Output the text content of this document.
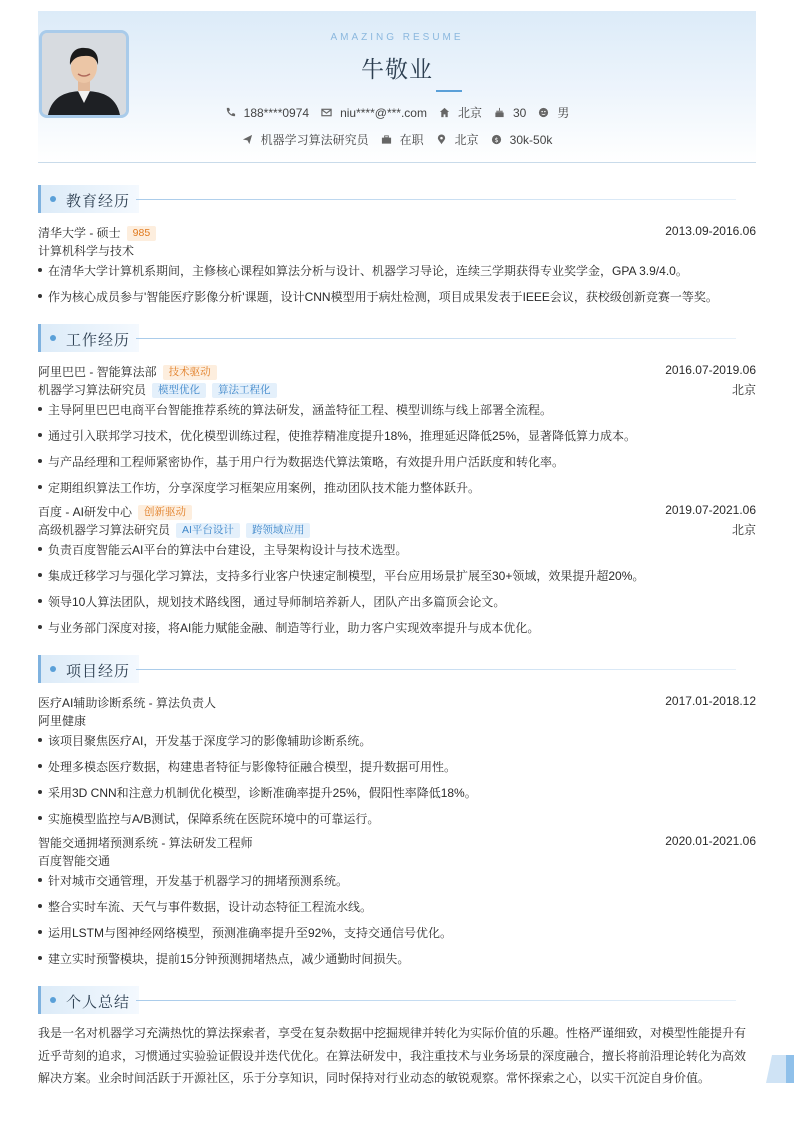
AMAZING RESUME
牛敬业
188****0974	niu****@***.com	北京	30	男
机器学习算法研究员	在职	北京 $ 30k-50k
教育经历
清华大学 - 硕士 985	2013.09-2016.06
计算机科学与技术
在清华大学计算机系期间，主修核心课程如算法分析与设计、机器学习导论，连续三学期获得专业奖学金，GPA 3.9/4.0。
作为核心成员参与'智能医疗影像分析'课题，设计CNN模型用于病灶检测，项目成果发表于IEEE会议，获校级创新竞赛一等奖。
工作经历
阿里巴巴 - 智能算法部 技术驱动	2016.07-2019.06
机器学习算法研究员 模型优化 算法工程化	北京
主导阿里巴巴电商平台智能推荐系统的算法研发，涵盖特征工程、模型训练与线上部署全流程。
通过引入联邦学习技术，优化模型训练过程，使推荐精准度提升18%，推理延迟降低25%，显著降低算力成本。
与产品经理和工程师紧密协作，基于用户行为数据迭代算法策略，有效提升用户活跃度和转化率。
定期组织算法工作坊，分享深度学习框架应用案例，推动团队技术能力整体跃升。
百度 - AI研发中心 创新驱动	2019.07-2021.06
高级机器学习算法研究员 AI平台设计 跨领域应用	北京
负责百度智能云AI平台的算法中台建设，主导架构设计与技术选型。
集成迁移学习与强化学习算法，支持多行业客户快速定制模型，平台应用场景扩展至30+领域，效果提升超20%。
领导10人算法团队，规划技术路线图，通过导师制培养新人，团队产出多篇顶会论文。
与业务部门深度对接，将AI能力赋能金融、制造等行业，助力客户实现效率提升与成本优化。
项目经历
医疗AI辅助诊断系统 - 算法负责人	2017.01-2018.12
阿里健康
该项目聚焦医疗AI，开发基于深度学习的影像辅助诊断系统。
处理多模态医疗数据，构建患者特征与影像特征融合模型，提升数据可用性。
采用3D CNN和注意力机制优化模型，诊断准确率提升25%，假阳性率降低18%。
实施模型监控与A/B测试，保障系统在医院环境中的可靠运行。
智能交通拥堵预测系统 - 算法研发工程师	2020.01-2021.06
百度智能交通
针对城市交通管理，开发基于机器学习的拥堵预测系统。
整合实时车流、天气与事件数据，设计动态特征工程流水线。
运用LSTM与图神经网络模型，预测准确率提升至92%，支持交通信号优化。
建立实时预警模块，提前15分钟预测拥堵热点，减少通勤时间损失。
个人总结
我是一名对机器学习充满热忱的算法探索者，享受在复杂数据中挖掘规律并转化为实际价值的乐趣。性格严谨细致，对模型性能提升有近乎苛刻的追求，习惯通过实验验证假设并迭代优化。在算法研发中，我注重技术与业务场景的深度融合，擅长将前沿理论转化为高效解决方案。业余时间活跃于开源社区，乐于分享知识，同时保持对行业动态的敏锐观察。常怀探索之心，以实干沉淀自身价值。
